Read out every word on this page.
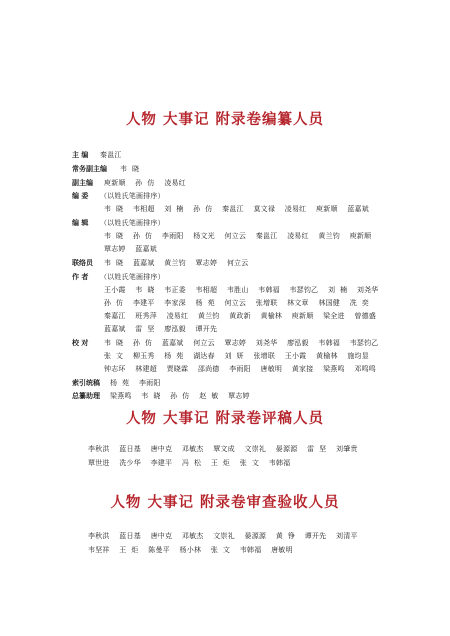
人物 大事记 附录卷编纂人员
主 编 秦邕江
常务副主编 韦  晓
副主编 庾新顺    孙  仿    凌易红
编 委 （以姓氏笔画排序）
韦  晓    韦相超    刘  楠    孙  仿    秦邕江    莫文禄    凌易红    庾新顺    蓝嘉斌
编 辑 （以姓氏笔画排序）
韦  晓    孙  仿    李雨阳    杨文光    何立云    秦邕江    凌易红    黄兰钧    庾新顺
覃志婷    蓝嘉斌
联络员 韦  晓    蓝嘉斌    黄兰钧    覃志婷    何立云
作 者 （以姓氏笔画排序）
王小霞    韦  晓    韦正委    韦相超    韦胜山    韦韩福    韦瑟钧乙    刘  楠    刘尧华
孙  仿    李建平    李家深    杨  苑    何立云    张增联    林文章    林国健    冼  奕
秦嘉江    班秀萍    凌易红    黄兰钧    黄政新    黄榆林    庾新顺    梁全进    曾德盛
蓝嘉斌    雷  坚    廖泓毅    谭开先
校 对 韦  晓    孙  仿    蓝嘉斌    何立云    覃志婷    刘尧华    廖泓毅    韦韩福    韦瑟钧乙
张  文    柳玉秀    杨  苑    湖达春    刘  妍    张增联    王小霞    黄榆林    施均显
钟志环    林建超    贾晓霖    邵尚德    李雨阳    唐敏明    黄家接    梁燕鸣    邓鸣鸣
索引统稿 杨  苑    李雨阳
总纂助理 梁燕鸣    韦  晓    孙  仿    赵  敏    覃志婷
人物 大事记 附录卷评稿人员
李秋洪    蓝日基    唐中克    邓敏杰    覃文成    文崇礼    晏源源    雷  坚    刘肇贵
覃世进    冼少华    李建平    冯  松    王  炬    张  文    韦韩福
人物 大事记 附录卷审查验收人员
李秋洪    蓝日基    唐中克    邓敏杰    文崇礼    晏源源    黄  铮    谭开先    刘清平
韦坚祥    王  炬    陈曼平    杨小林    张  文    韦韩福    唐敏明
